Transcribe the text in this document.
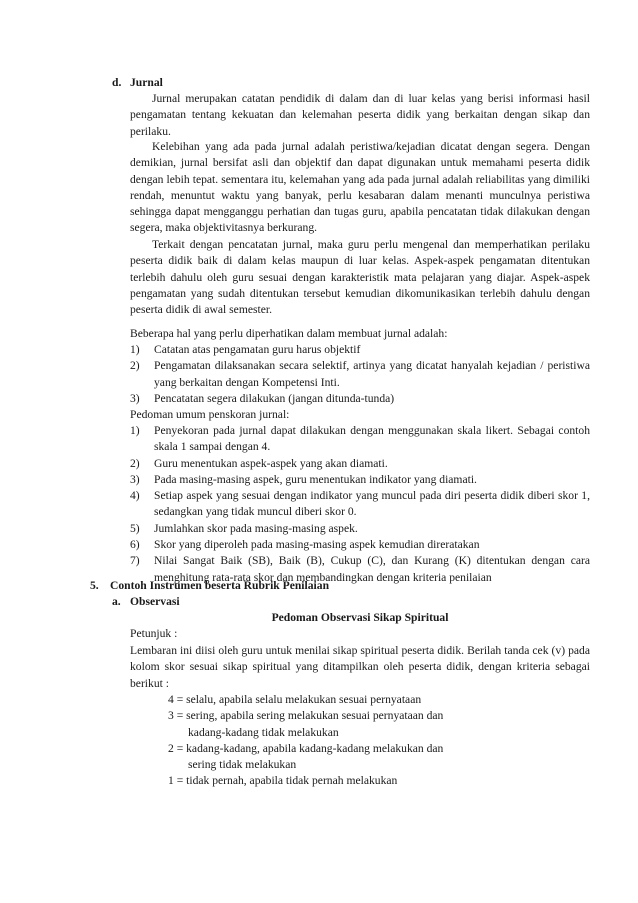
d. Jurnal
Jurnal merupakan catatan pendidik di dalam dan di luar kelas yang berisi informasi hasil pengamatan tentang kekuatan dan kelemahan peserta didik yang berkaitan dengan sikap dan perilaku.
Kelebihan yang ada pada jurnal adalah peristiwa/kejadian dicatat dengan segera. Dengan demikian, jurnal bersifat asli dan objektif dan dapat digunakan untuk memahami peserta didik dengan lebih tepat. sementara itu, kelemahan yang ada pada jurnal adalah reliabilitas yang dimiliki rendah, menuntut waktu yang banyak, perlu kesabaran dalam menanti munculnya peristiwa sehingga dapat mengganggu perhatian dan tugas guru, apabila pencatatan tidak dilakukan dengan segera, maka objektivitasnya berkurang.
Terkait dengan pencatatan jurnal, maka guru perlu mengenal dan memperhatikan perilaku peserta didik baik di dalam kelas maupun di luar kelas. Aspek-aspek pengamatan ditentukan terlebih dahulu oleh guru sesuai dengan karakteristik mata pelajaran yang diajar. Aspek-aspek pengamatan yang sudah ditentukan tersebut kemudian dikomunikasikan terlebih dahulu dengan peserta didik di awal semester.
Beberapa hal yang perlu diperhatikan dalam membuat jurnal adalah:
1) Catatan atas pengamatan guru harus objektif
2) Pengamatan dilaksanakan secara selektif, artinya yang dicatat hanyalah kejadian / peristiwa yang berkaitan dengan Kompetensi Inti.
3) Pencatatan segera dilakukan (jangan ditunda-tunda)
Pedoman umum penskoran jurnal:
1) Penyekoran pada jurnal dapat dilakukan dengan menggunakan skala likert. Sebagai contoh skala 1 sampai dengan 4.
2) Guru menentukan aspek-aspek yang akan diamati.
3) Pada masing-masing aspek, guru menentukan indikator yang diamati.
4) Setiap aspek yang sesuai dengan indikator yang muncul pada diri peserta didik diberi skor 1, sedangkan yang tidak muncul diberi skor 0.
5) Jumlahkan skor pada masing-masing aspek.
6) Skor yang diperoleh pada masing-masing aspek kemudian direratakan
7) Nilai Sangat Baik (SB), Baik (B), Cukup (C), dan Kurang (K) ditentukan dengan cara menghitung rata-rata skor dan membandingkan dengan kriteria penilaian
5. Contoh Instrumen beserta Rubrik Penilaian
a. Observasi
Pedoman Observasi Sikap Spiritual
Petunjuk :
Lembaran ini diisi oleh guru untuk menilai sikap spiritual peserta didik. Berilah tanda cek (v) pada kolom skor sesuai sikap spiritual yang ditampilkan oleh peserta didik, dengan kriteria sebagai berikut :
4 = selalu, apabila selalu melakukan sesuai pernyataan
3 = sering, apabila sering melakukan sesuai pernyataan dan
kadang-kadang tidak melakukan
2 = kadang-kadang, apabila kadang-kadang melakukan dan
sering tidak melakukan
1 = tidak pernah, apabila tidak pernah melakukan
